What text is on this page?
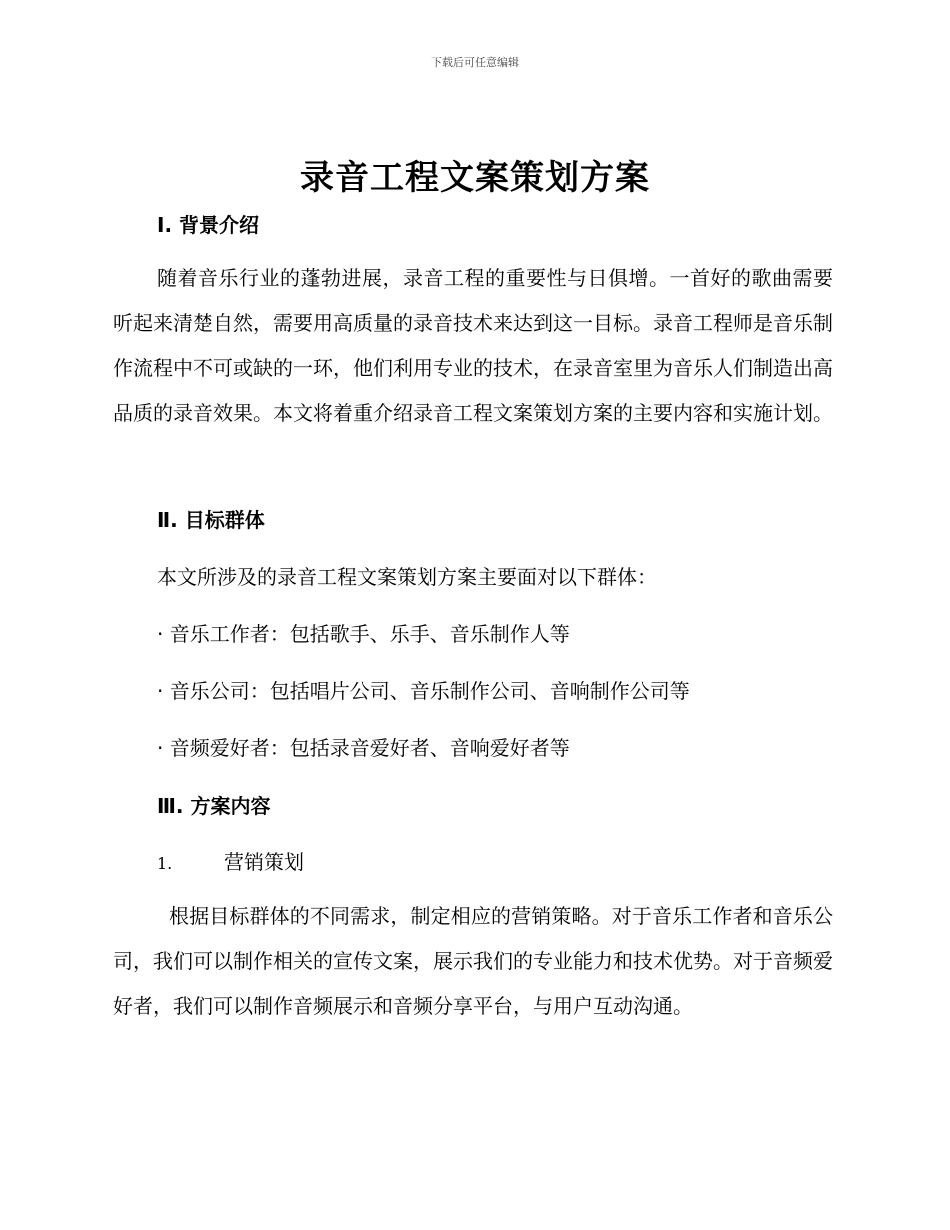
下载后可任意编辑
录音工程文案策划方案
Ⅰ. 背景介绍

随着音乐行业的蓬勃进展，录音工程的重要性与日俱增。一首好的歌曲需要听起来清楚自然，需要用高质量的录音技术来达到这一目标。录音工程师是音乐制作流程中不可或缺的一环，他们利用专业的技术，在录音室里为音乐人们制造出高品质的录音效果。本文将着重介绍录音工程文案策划方案的主要内容和实施计划。

Ⅱ. 目标群体

本文所涉及的录音工程文案策划方案主要面对以下群体：

· 音乐工作者：包括歌手、乐手、音乐制作人等

· 音乐公司：包括唱片公司、音乐制作公司、音响制作公司等

· 音频爱好者：包括录音爱好者、音响爱好者等

Ⅲ. 方案内容

1.	营销策划

根据目标群体的不同需求，制定相应的营销策略。对于音乐工作者和音乐公司，我们可以制作相关的宣传文案，展示我们的专业能力和技术优势。对于音频爱好者，我们可以制作音频展示和音频分享平台，与用户互动沟通。
